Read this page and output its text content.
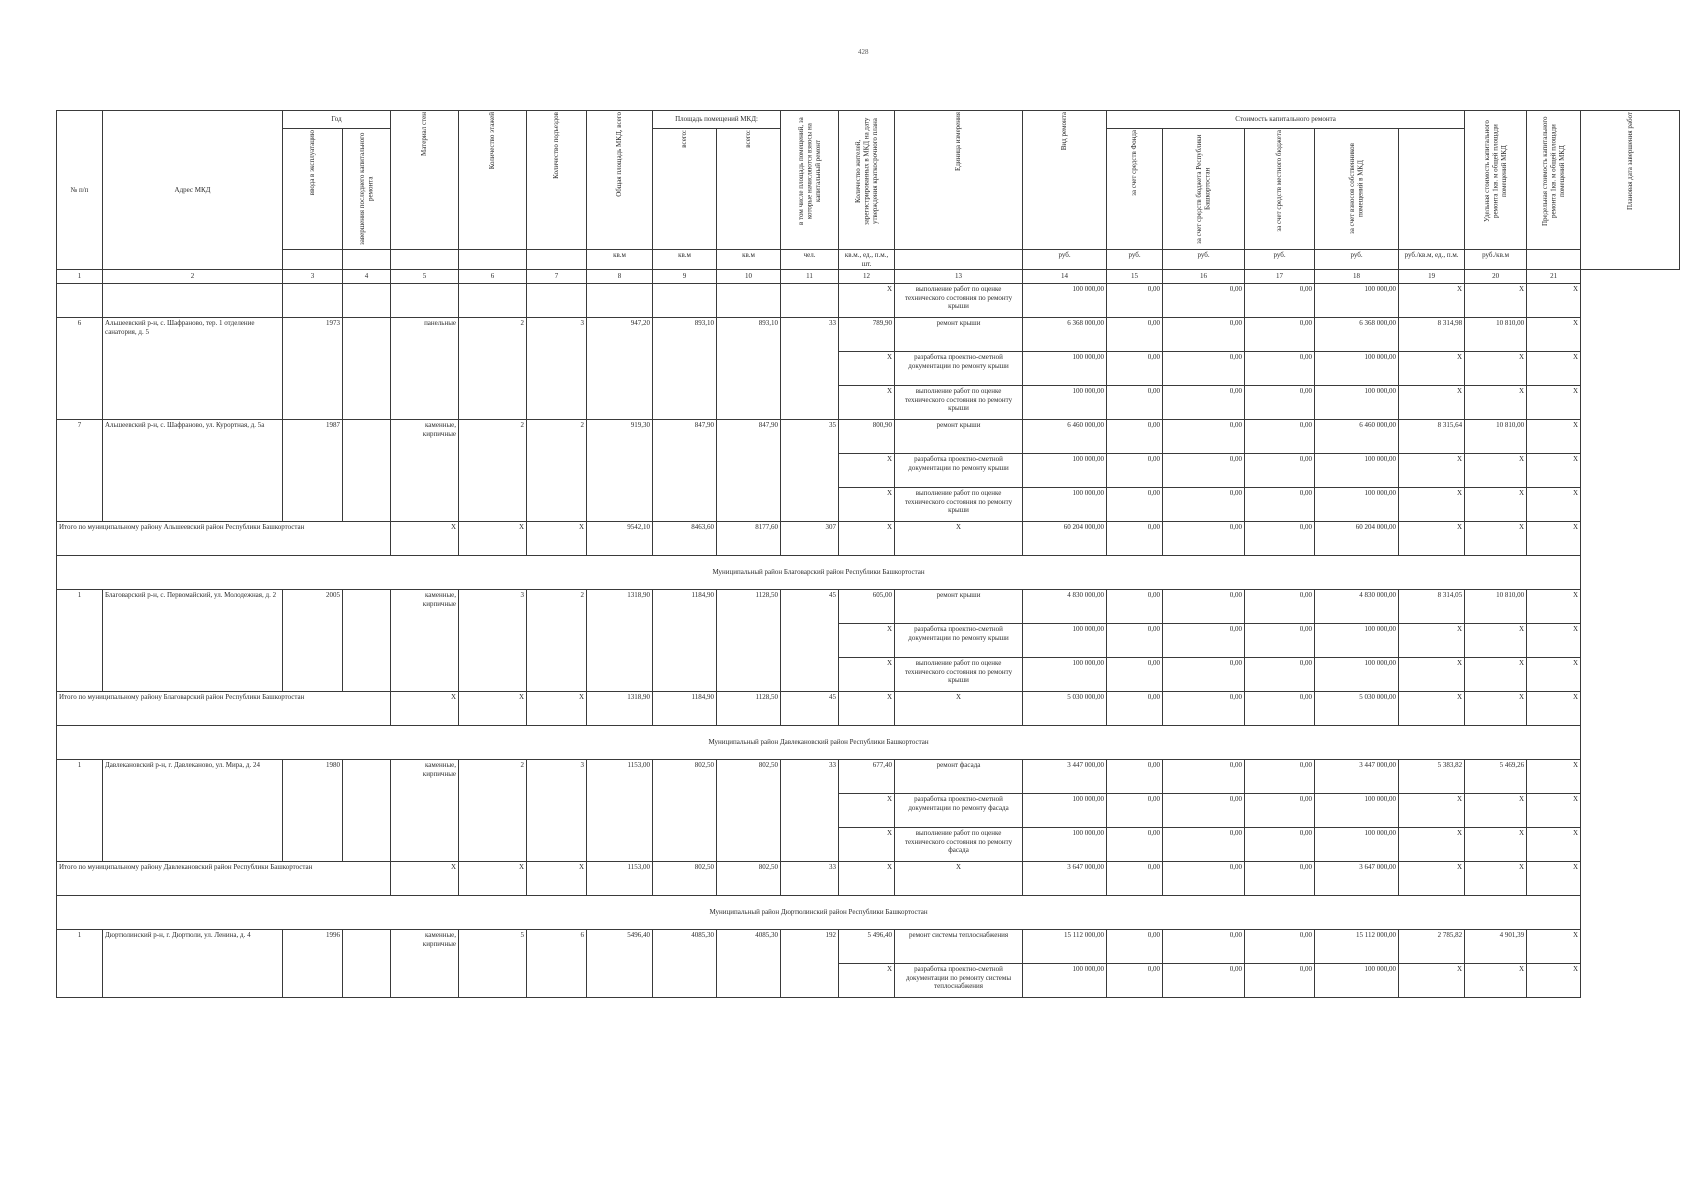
428
№ п/п	Адрес МКД	Год		Материал стен	Количество этажей	Количество подъездов	Общая площадь МКД, всего	Площадь помещений МКД:		в том числе площадь помещений, за которые начисляются взносы на капитальный ремонт	Количество жителей, зарегистрированных в МКД на дату утверждения краткосрочного плана	Единица измерения	Вид ремонта	Стоимость капитального ремонта					Удельная стоимость капитального ремонта 1кв. м общей площади помещений МКД	Предельная стоимость капитального ремонта 1кв. м общей площади помещений МКД	Плановая дата завершения работ

		ввода в эксплуатацию	завершения последнего капитального ремонта					всего:	всего:					за счет средств Фонда	за счет средств бюджета Республики Башкортостан	за счет средств местного бюджета	за счет взносов собственников помещений в МКД				

							кв.м	кв.м	кв.м	чел.	кв.м., ед., п.м., шт.		руб.	руб.	руб.	руб.	руб.	руб./кв.м, ед., п.м.	руб./кв.м		
1	2	3	4	5	6	7	8	9	10	11	12	13	14	15	16	17	18	19	20	21	
											X	выполнение работ по оценке технического состояния по ремонту крыши	100 000,00	0,00	0,00	0,00	100 000,00	X	X	X	
6	Альшеевский р-н, с. Шафраново, тер. 1 отделение санатория, д. 5	1973		панельные	2	3	947,20	893,10	893,10	33	789,90	ремонт крыши	6 368 000,00	0,00	0,00	0,00	6 368 000,00	8 314,98	10 810,00	X	
											X	разработка проектно-сметной документации по ремонту крыши	100 000,00	0,00	0,00	0,00	100 000,00	X	X	X	
											X	выполнение работ по оценке технического состояния по ремонту крыши	100 000,00	0,00	0,00	0,00	100 000,00	X	X	X	
7	Альшеевский р-н, с. Шафраново, ул. Курортная, д. 5а	1987		каменные, кирпичные	2	2	919,30	847,90	847,90	35	800,90	ремонт крыши	6 460 000,00	0,00	0,00	0,00	6 460 000,00	8 315,64	10 810,00	X	
											X	разработка проектно-сметной документации по ремонту крыши	100 000,00	0,00	0,00	0,00	100 000,00	X	X	X	
											X	выполнение работ по оценке технического состояния по ремонту крыши	100 000,00	0,00	0,00	0,00	100 000,00	X	X	X	
Итого по муниципальному району Альшеевский район Республики Башкортостан				X	X	X	9542,10	8463,60	8177,60	307	X	X	60 204 000,00	0,00	0,00	0,00	60 204 000,00	X	X	X	
Муниципальный район Благоварский район Республики Башкортостан																					
1	Благоварский р-н, с. Первомайский, ул. Молодежная, д. 2	2005		каменные, кирпичные	3	2	1318,90	1184,90	1128,50	45	605,00	ремонт крыши	4 830 000,00	0,00	0,00	0,00	4 830 000,00	8 314,05	10 810,00	X	
											X	разработка проектно-сметной документации по ремонту крыши	100 000,00	0,00	0,00	0,00	100 000,00	X	X	X	
											X	выполнение работ по оценке технического состояния по ремонту крыши	100 000,00	0,00	0,00	0,00	100 000,00	X	X	X	
Итого по муниципальному району Благоварский район Республики Башкортостан				X	X	X	1318,90	1184,90	1128,50	45	X	X	5 030 000,00	0,00	0,00	0,00	5 030 000,00	X	X	X	
Муниципальный район Давлекановский район Республики Башкортостан																					
1	Давлекановский р-н, г. Давлеканово, ул. Мира, д. 24	1980		каменные, кирпичные	2	3	1153,00	802,50	802,50	33	677,40	ремонт фасада	3 447 000,00	0,00	0,00	0,00	3 447 000,00	5 383,82	5 469,26	X	
											X	разработка проектно-сметной документации по ремонту фасада	100 000,00	0,00	0,00	0,00	100 000,00	X	X	X	
											X	выполнение работ по оценке технического состояния по ремонту фасада	100 000,00	0,00	0,00	0,00	100 000,00	X	X	X	
Итого по муниципальному району Давлекановский район Республики Башкортостан				X	X	X	1153,00	802,50	802,50	33	X	X	3 647 000,00	0,00	0,00	0,00	3 647 000,00	X	X	X	
Муниципальный район Дюртюлинский район Республики Башкортостан																					
1	Дюртюлинский р-н, г. Дюртюли, ул. Ленина, д. 4	1996		каменные, кирпичные	5	6	5496,40	4085,30	4085,30	192	5 496,40	ремонт системы теплоснабжения	15 112 000,00	0,00	0,00	0,00	15 112 000,00	2 785,82	4 901,39	X	
											X	разработка проектно-сметной документации по ремонту системы теплоснабжения	100 000,00	0,00	0,00	0,00	100 000,00	X	X	X	
